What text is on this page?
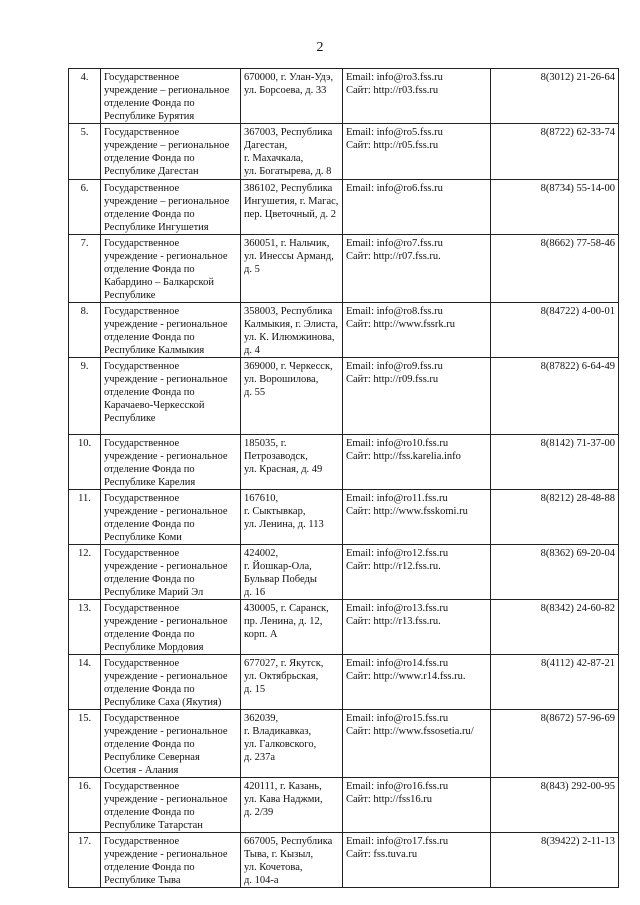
2
4.	Государственное
учреждение – региональное
отделение Фонда по
Республике Бурятия	670000, г. Улан-Удэ,
ул. Борсоева, д. 33	Email: info@ro3.fss.ru
Сайт: http://r03.fss.ru	8(3012) 21-26-64
5.	Государственное
учреждение – региональное
отделение Фонда по
Республике Дагестан	367003, Республика
Дагестан,
г. Махачкала,
ул. Богатырева, д. 8	Email: info@ro5.fss.ru
Сайт: http://r05.fss.ru	8(8722) 62-33-74
6.	Государственное
учреждение – региональное
отделение Фонда по
Республике Ингушетия	386102, Республика
Ингушетия, г. Магас,
пер. Цветочный, д. 2	Email: info@ro6.fss.ru	8(8734) 55-14-00
7.	Государственное
учреждение - региональное
отделение Фонда по
Кабардино – Балкарской
Республике	360051, г. Нальчик,
ул. Инессы Арманд,
д. 5	Email: info@ro7.fss.ru
Сайт: http://r07.fss.ru.	8(8662) 77-58-46
8.	Государственное
учреждение - региональное
отделение Фонда по
Республике Калмыкия	358003, Республика
Калмыкия, г. Элиста,
ул. К. Илюмжинова,
д. 4	Email: info@ro8.fss.ru
Сайт: http://www.fssrk.ru	8(84722) 4-00-01
9.	Государственное
учреждение - региональное
отделение Фонда по
Карачаево-Черкесской
Республике	369000, г. Черкесск,
ул. Ворошилова,
д. 55	Email: info@ro9.fss.ru
Сайт: http://r09.fss.ru	8(87822) 6-64-49
10.	Государственное
учреждение - региональное
отделение Фонда по
Республике Карелия	185035, г.
Петрозаводск,
ул. Красная, д. 49	Email: info@ro10.fss.ru
Сайт: http://fss.karelia.info	8(8142) 71-37-00
11.	Государственное
учреждение - региональное
отделение Фонда по
Республике Коми	167610,
г. Сыктывкар,
ул. Ленина, д. 113	Email: info@ro11.fss.ru
Сайт: http://www.fsskomi.ru	8(8212) 28-48-88
12.	Государственное
учреждение - региональное
отделение Фонда по
Республике Марий Эл	424002,
г. Йошкар-Ола,
Бульвар Победы
д. 16	Email: info@ro12.fss.ru
Сайт: http://r12.fss.ru.	8(8362) 69-20-04
13.	Государственное
учреждение - региональное
отделение Фонда по
Республике Мордовия	430005, г. Саранск,
пр. Ленина, д. 12,
корп. А	Email: info@ro13.fss.ru
Сайт: http://r13.fss.ru.	8(8342) 24-60-82
14.	Государственное
учреждение - региональное
отделение Фонда по
Республике Саха (Якутия)	677027, г. Якутск,
ул. Октябрьская,
д. 15	Email: info@ro14.fss.ru
Сайт: http://www.r14.fss.ru.	8(4112) 42-87-21
15.	Государственное
учреждение - региональное
отделение Фонда по
Республике Северная
Осетия - Алания	362039,
г. Владикавказ,
ул. Галковского,
д. 237а	Email: info@ro15.fss.ru
Сайт: http://www.fssosetia.ru/	8(8672) 57-96-69
16.	Государственное
учреждение - региональное
отделение Фонда по
Республике Татарстан	420111, г. Казань,
ул. Кава Наджми,
д. 2/39	Email: info@ro16.fss.ru
Сайт: http://fss16.ru	8(843) 292-00-95
17.	Государственное
учреждение - региональное
отделение Фонда по
Республике Тыва	667005, Республика
Тыва, г. Кызыл,
ул. Кочетова,
д. 104-а	Email: info@ro17.fss.ru
Сайт: fss.tuva.ru	8(39422) 2-11-13
